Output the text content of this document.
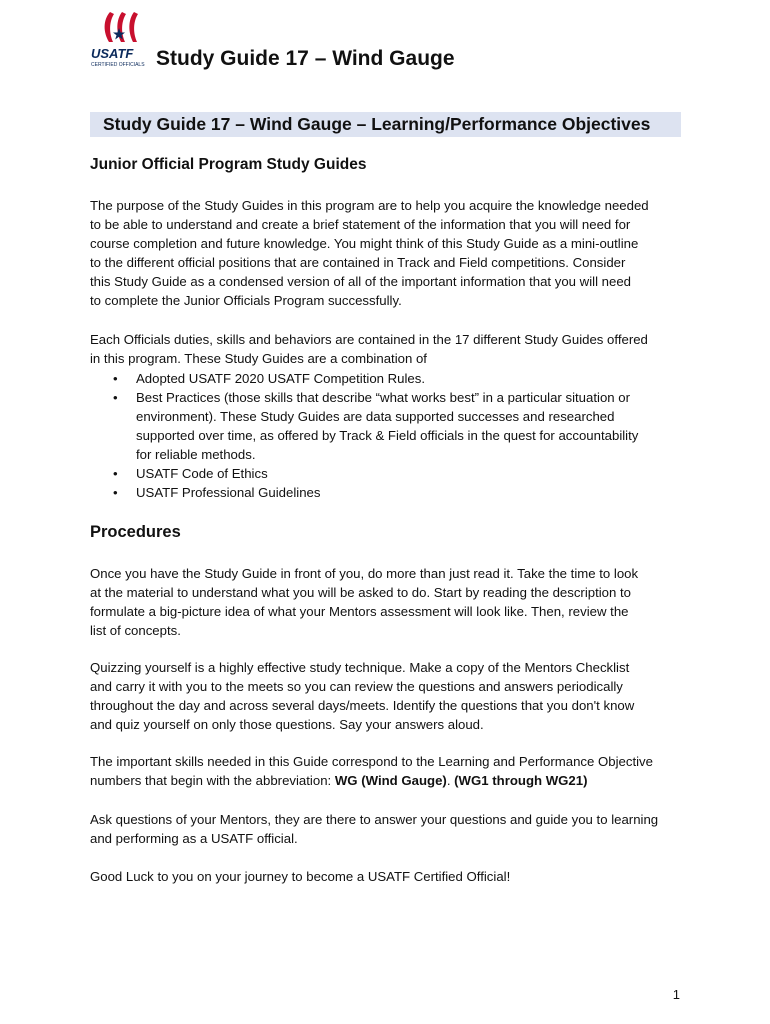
USATF
CERTIFIED OFFICIALS Study Guide 17 – Wind Gauge
Study Guide 17 – Wind Gauge – Learning/Performance Objectives
Junior Official Program Study Guides

The purpose of the Study Guides in this program are to help you acquire the knowledge needed
to be able to understand and create a brief statement of the information that you will need for
course completion and future knowledge. You might think of this Study Guide as a mini-outline
to the different official positions that are contained in Track and Field competitions. Consider
this Study Guide as a condensed version of all of the important information that you will need
to complete the Junior Officials Program successfully.

Each Officials duties, skills and behaviors are contained in the 17 different Study Guides offered
in this program. These Study Guides are a combination of

• Adopted USATF 2020 USATF Competition Rules.
• Best Practices (those skills that describe “what works best” in a particular situation or
environment). These Study Guides are data supported successes and researched
supported over time, as offered by Track & Field officials in the quest for accountability
for reliable methods.
• USATF Code of Ethics
• USATF Professional Guidelines
Procedures

Once you have the Study Guide in front of you, do more than just read it. Take the time to look
at the material to understand what you will be asked to do. Start by reading the description to
formulate a big-picture idea of what your Mentors assessment will look like. Then, review the
list of concepts.

Quizzing yourself is a highly effective study technique. Make a copy of the Mentors Checklist
and carry it with you to the meets so you can review the questions and answers periodically
throughout the day and across several days/meets. Identify the questions that you don't know
and quiz yourself on only those questions. Say your answers aloud.

The important skills needed in this Guide correspond to the Learning and Performance Objective
numbers that begin with the abbreviation: WG (Wind Gauge). (WG1 through WG21)

Ask questions of your Mentors, they are there to answer your questions and guide you to learning
and performing as a USATF official.

Good Luck to you on your journey to become a USATF Certified Official!

1
